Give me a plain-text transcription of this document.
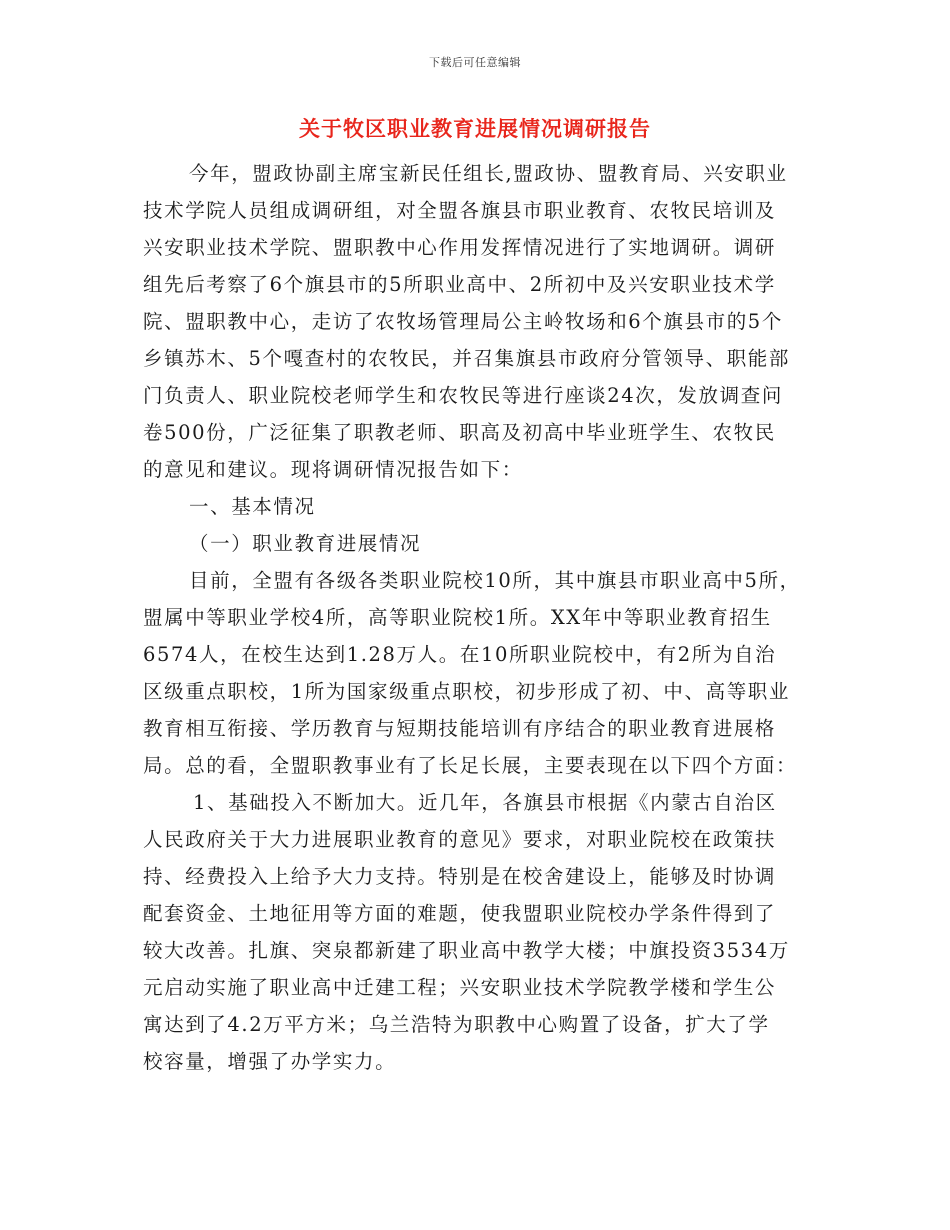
下载后可任意编辑
关于牧区职业教育进展情况调研报告
今年，盟政协副主席宝新民任组长,盟政协、盟教育局、兴安职业
技术学院人员组成调研组，对全盟各旗县市职业教育、农牧民培训及
兴安职业技术学院、盟职教中心作用发挥情况进行了实地调研。调研
组先后考察了6个旗县市的5所职业高中、2所初中及兴安职业技术学
院、盟职教中心，走访了农牧场管理局公主岭牧场和6个旗县市的5个
乡镇苏木、5个嘎查村的农牧民，并召集旗县市政府分管领导、职能部
门负责人、职业院校老师学生和农牧民等进行座谈24次，发放调查问
卷500份，广泛征集了职教老师、职高及初高中毕业班学生、农牧民
的意见和建议。现将调研情况报告如下：
一、基本情况
（一）职业教育进展情况
目前，全盟有各级各类职业院校10所，其中旗县市职业高中5所，
盟属中等职业学校4所，高等职业院校1所。XX年中等职业教育招生
6574人，在校生达到1.28万人。在10所职业院校中，有2所为自治
区级重点职校，1所为国家级重点职校，初步形成了初、中、高等职业
教育相互衔接、学历教育与短期技能培训有序结合的职业教育进展格
局。总的看，全盟职教事业有了长足长展，主要表现在以下四个方面：
1、基础投入不断加大。近几年，各旗县市根据《内蒙古自治区
人民政府关于大力进展职业教育的意见》要求，对职业院校在政策扶
持、经费投入上给予大力支持。特别是在校舍建设上，能够及时协调
配套资金、土地征用等方面的难题，使我盟职业院校办学条件得到了
较大改善。扎旗、突泉都新建了职业高中教学大楼；中旗投资3534万
元启动实施了职业高中迁建工程；兴安职业技术学院教学楼和学生公
寓达到了4.2万平方米；乌兰浩特为职教中心购置了设备，扩大了学
校容量，增强了办学实力。
